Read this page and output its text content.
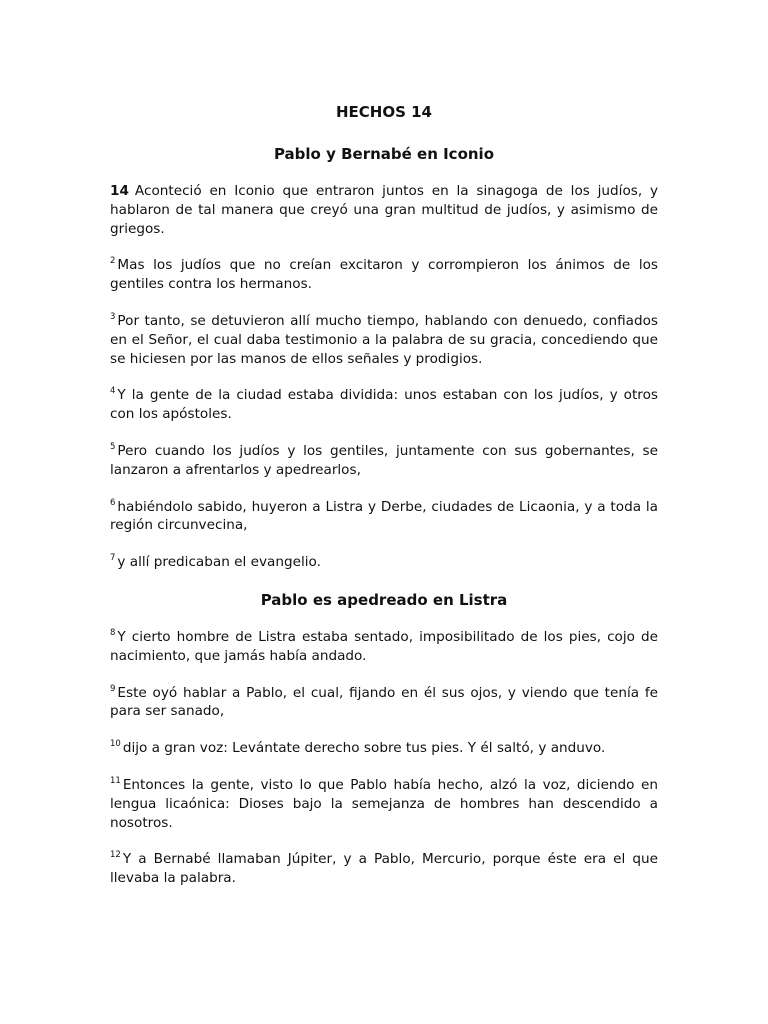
HECHOS 14
Pablo y Bernabé en Iconio

14 Aconteció en Iconio que entraron juntos en la sinagoga de los judíos, y hablaron de tal manera que creyó una gran multitud de judíos, y asimismo de griegos.

$^2$ Mas los judíos que no creían excitaron y corrompieron los ánimos de los gentiles contra los hermanos.

$^3$ Por tanto, se detuvieron allí mucho tiempo, hablando con denuedo, confiados en el Señor, el cual daba testimonio a la palabra de su gracia, concediendo que se hiciesen por las manos de ellos señales y prodigios.

$^4$ Y la gente de la ciudad estaba dividida: unos estaban con los judíos, y otros con los apóstoles.

$^5$ Pero cuando los judíos y los gentiles, juntamente con sus gobernantes, se lanzaron a afrentarlos y apedrearlos,

$^6$ habiéndolo sabido, huyeron a Listra y Derbe, ciudades de Licaonia, y a toda la región circunvecina,

$^7$ y allí predicaban el evangelio.

Pablo es apedreado en Listra

$^8$ Y cierto hombre de Listra estaba sentado, imposibilitado de los pies, cojo de nacimiento, que jamás había andado.

$^9$ Este oyó hablar a Pablo, el cual, fijando en él sus ojos, y viendo que tenía fe para ser sanado,

$^{10}$ dijo a gran voz: Levántate derecho sobre tus pies. Y él saltó, y anduvo.

$^{11}$ Entonces la gente, visto lo que Pablo había hecho, alzó la voz, diciendo en lengua licaónica: Dioses bajo la semejanza de hombres han descendido a nosotros.

$^{12}$ Y a Bernabé llamaban Júpiter, y a Pablo, Mercurio, porque éste era el que llevaba la palabra.
